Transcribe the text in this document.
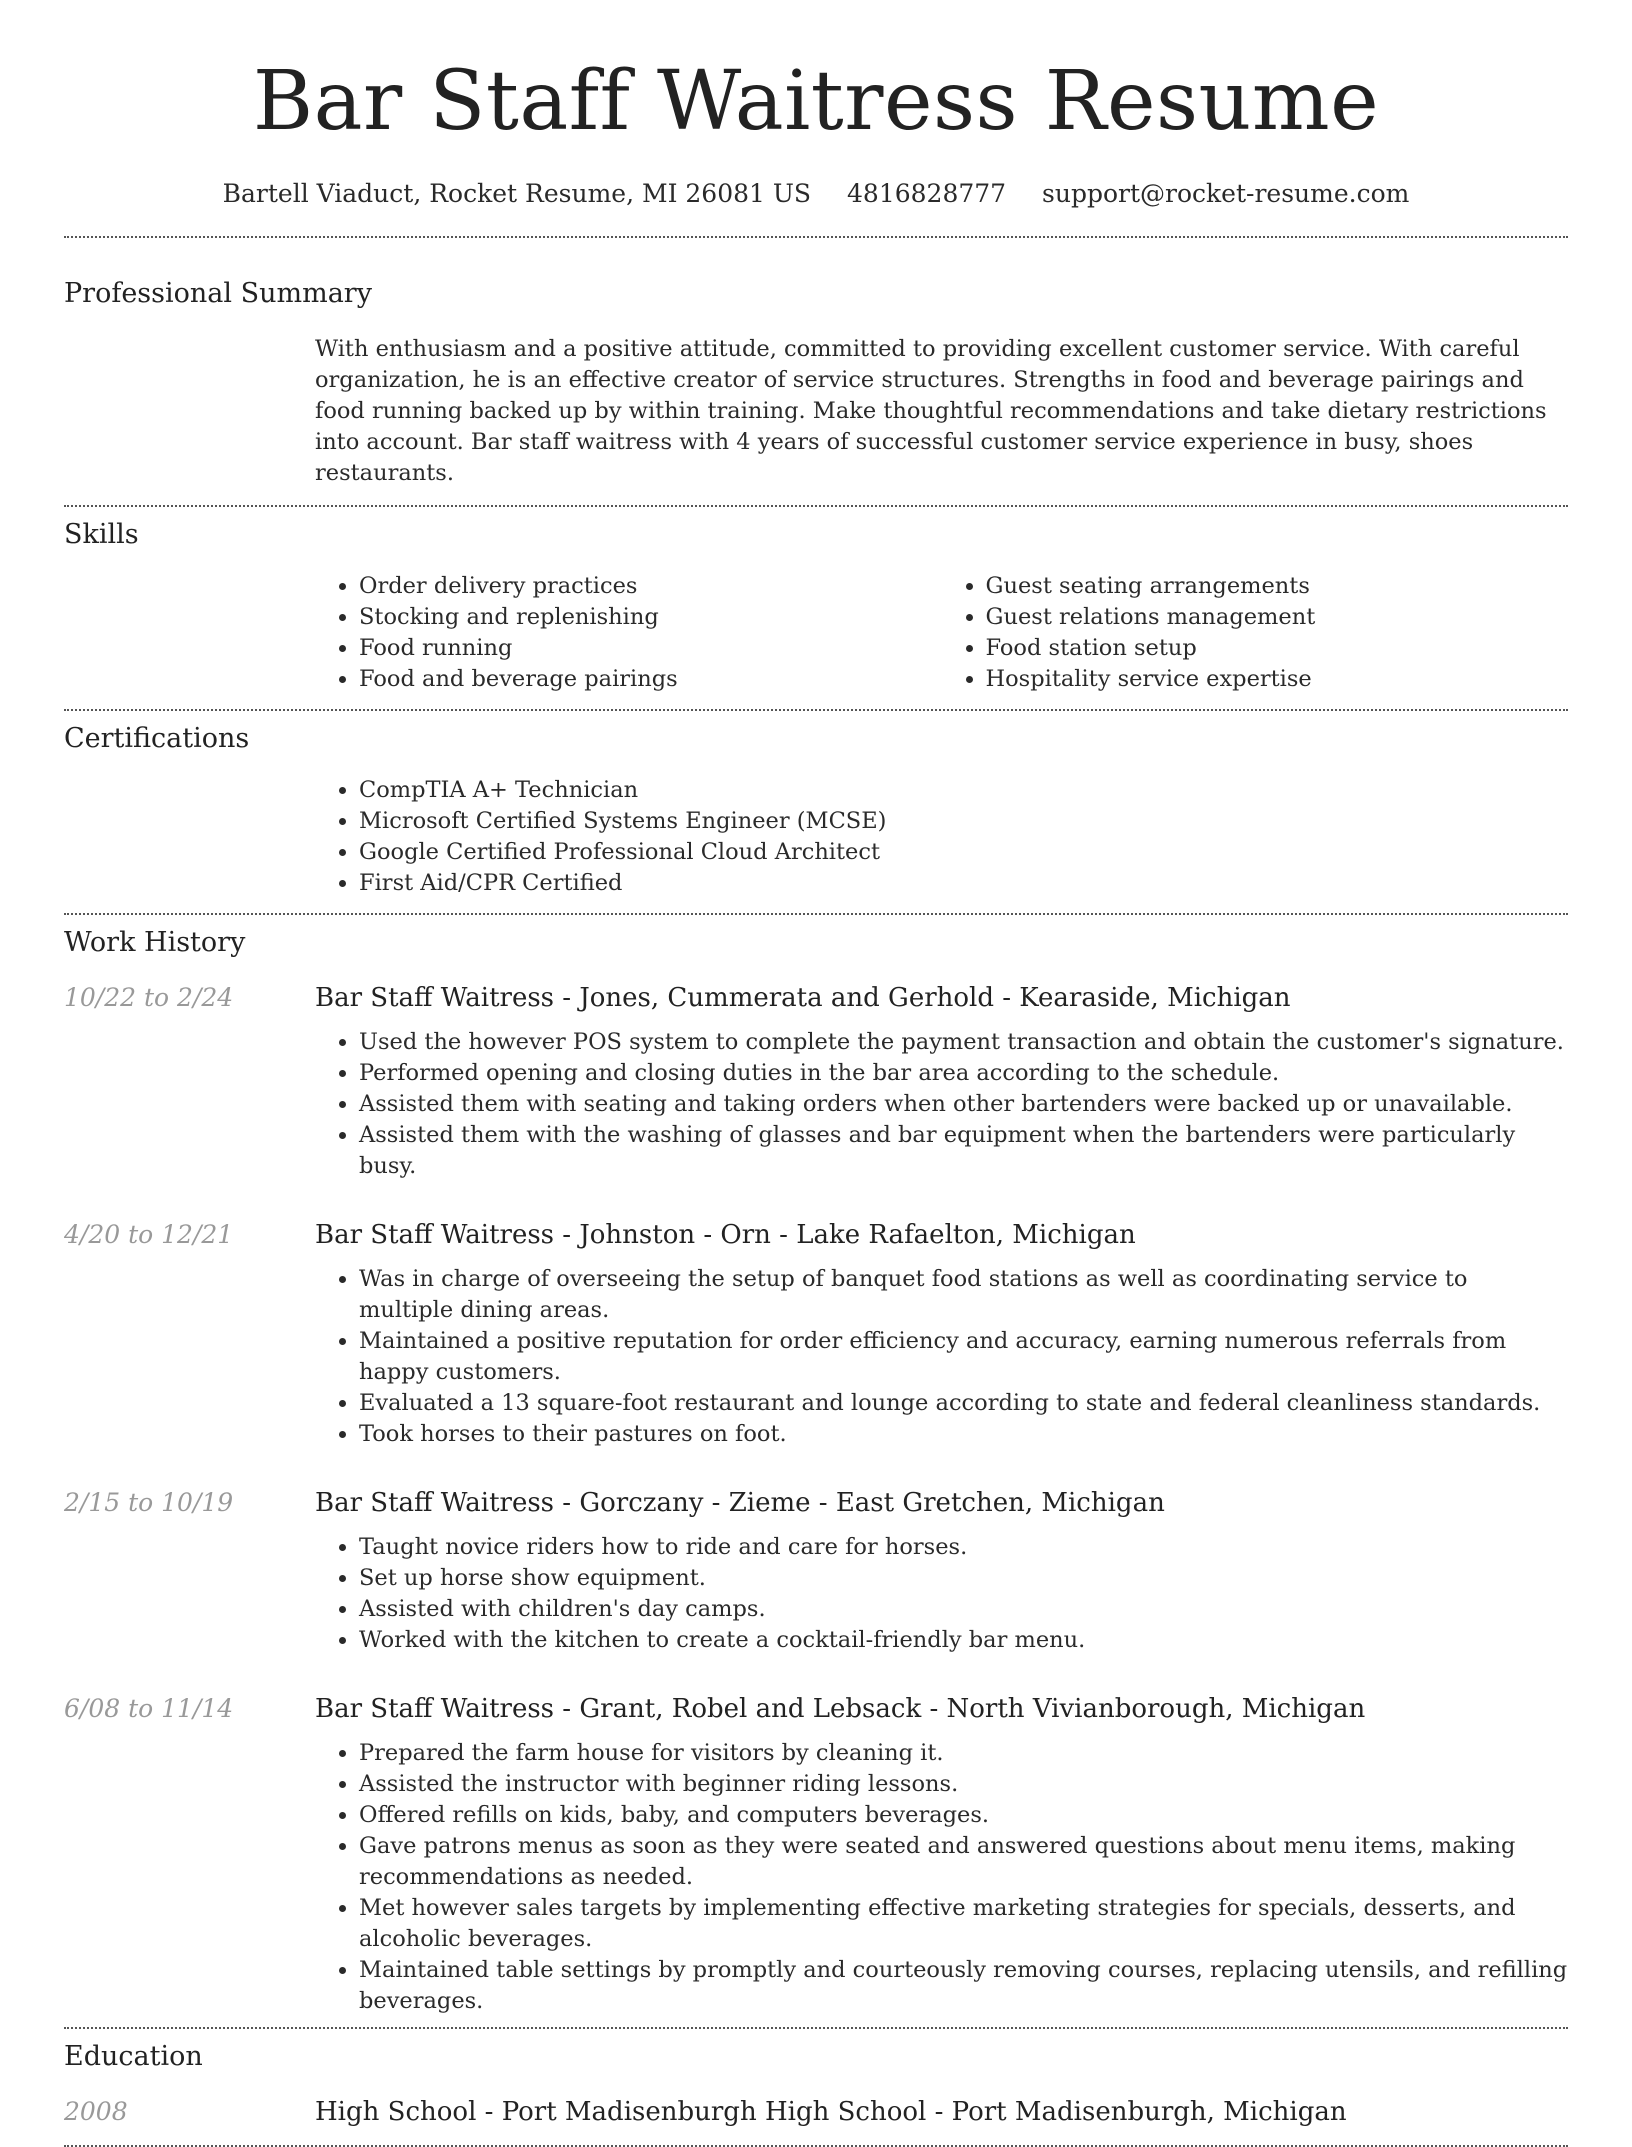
Bar Staff Waitress Resume
Bartell Viaduct, Rocket Resume, MI 26081 US 4816828777 support@rocket-resume.com
Professional Summary
With enthusiasm and a positive attitude, committed to providing excellent customer service. With careful organization, he is an effective creator of service structures. Strengths in food and beverage pairings and food running backed up by within training. Make thoughtful recommendations and take dietary restrictions into account. Bar staff waitress with 4 years of successful customer service experience in busy, shoes restaurants.
Skills
• Order delivery practices
• Stocking and replenishing
• Food running
• Food and beverage pairings
• Guest seating arrangements
• Guest relations management
• Food station setup
• Hospitality service expertise
Certifications
• CompTIA A+ Technician
• Microsoft Certified Systems Engineer (MCSE)
• Google Certified Professional Cloud Architect
• First Aid/CPR Certified
Work History
10/22 to 2/24	Bar Staff Waitress - Jones, Cummerata and Gerhold - Kearaside, Michigan
• Used the however POS system to complete the payment transaction and obtain the customer's signature.
• Performed opening and closing duties in the bar area according to the schedule.
• Assisted them with seating and taking orders when other bartenders were backed up or unavailable.
• Assisted them with the washing of glasses and bar equipment when the bartenders were particularly busy.
4/20 to 12/21	Bar Staff Waitress - Johnston - Orn - Lake Rafaelton, Michigan
• Was in charge of overseeing the setup of banquet food stations as well as coordinating service to multiple dining areas.
• Maintained a positive reputation for order efficiency and accuracy, earning numerous referrals from happy customers.
• Evaluated a 13 square-foot restaurant and lounge according to state and federal cleanliness standards.
• Took horses to their pastures on foot.
2/15 to 10/19	Bar Staff Waitress - Gorczany - Zieme - East Gretchen, Michigan
• Taught novice riders how to ride and care for horses.
• Set up horse show equipment.
• Assisted with children's day camps.
• Worked with the kitchen to create a cocktail-friendly bar menu.
6/08 to 11/14	Bar Staff Waitress - Grant, Robel and Lebsack - North Vivianborough, Michigan
• Prepared the farm house for visitors by cleaning it.
• Assisted the instructor with beginner riding lessons.
• Offered refills on kids, baby, and computers beverages.
• Gave patrons menus as soon as they were seated and answered questions about menu items, making recommendations as needed.
• Met however sales targets by implementing effective marketing strategies for specials, desserts, and alcoholic beverages.
• Maintained table settings by promptly and courteously removing courses, replacing utensils, and refilling beverages.
Education
2008	High School - Port Madisenburgh High School - Port Madisenburgh, Michigan
